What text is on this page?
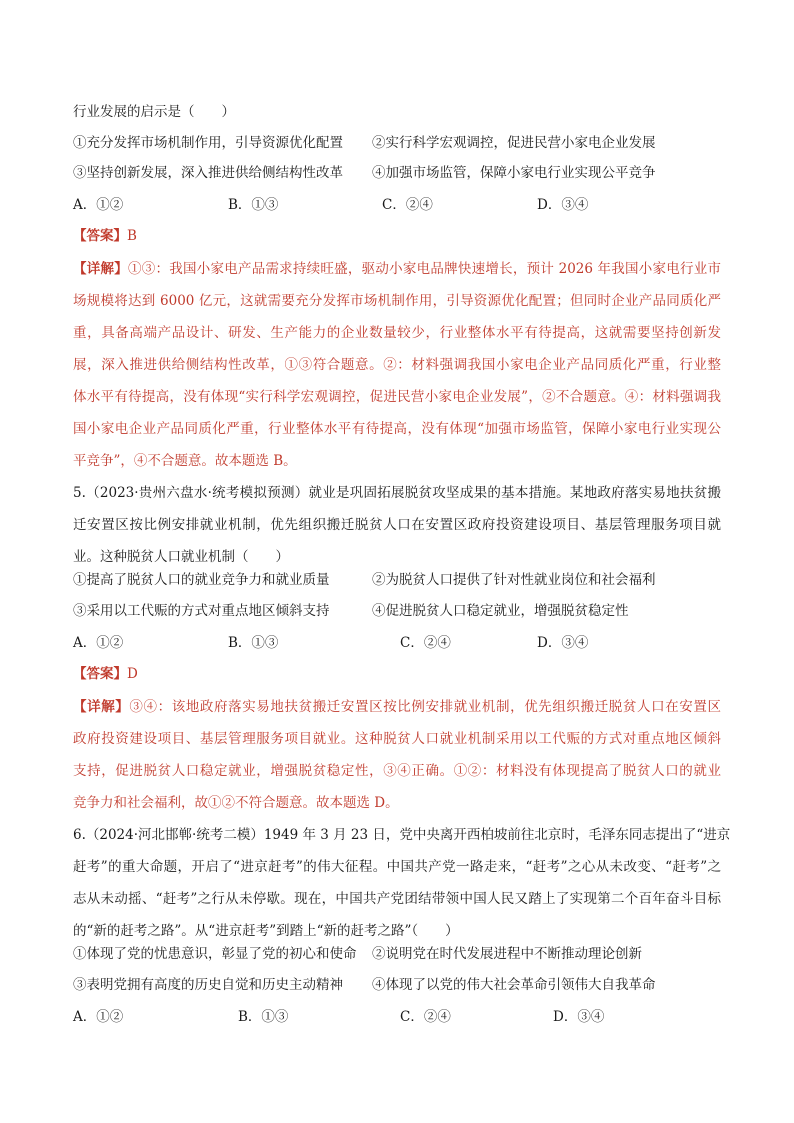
行业发展的启示是（　　）
①充分发挥市场机制作用，引导资源优化配置 ②实行科学宏观调控，促进民营小家电企业发展
③坚持创新发展，深入推进供给侧结构性改革 ④加强市场监管，保障小家电行业实现公平竞争
A．①②	B．①③	C．②④	D．③④
【答案】B
【详解】①③：我国小家电产品需求持续旺盛，驱动小家电品牌快速增长，预计 2026 年我国小家电行业市
场规模将达到 6000 亿元，这就需要充分发挥市场机制作用，引导资源优化配置；但同时企业产品同质化严
重，具备高端产品设计、研发、生产能力的企业数量较少，行业整体水平有待提高，这就需要坚持创新发
展，深入推进供给侧结构性改革，①③符合题意。②：材料强调我国小家电企业产品同质化严重，行业整
体水平有待提高，没有体现“实行科学宏观调控，促进民营小家电企业发展”，②不合题意。④：材料强调我
国小家电企业产品同质化严重，行业整体水平有待提高，没有体现“加强市场监管，保障小家电行业实现公
平竞争”，④不合题意。故本题选 B。
5.（2023·贵州六盘水·统考模拟预测）就业是巩固拓展脱贫攻坚成果的基本措施。某地政府落实易地扶贫搬
迁安置区按比例安排就业机制，优先组织搬迁脱贫人口在安置区政府投资建设项目、基层管理服务项目就
业。这种脱贫人口就业机制（　　）
①提高了脱贫人口的就业竞争力和就业质量	②为脱贫人口提供了针对性就业岗位和社会福利
③采用以工代赈的方式对重点地区倾斜支持	④促进脱贫人口稳定就业，增强脱贫稳定性
A．①②	B．①③	C．②④	D．③④
【答案】D
【详解】③④：该地政府落实易地扶贫搬迁安置区按比例安排就业机制，优先组织搬迁脱贫人口在安置区
政府投资建设项目、基层管理服务项目就业。这种脱贫人口就业机制采用以工代赈的方式对重点地区倾斜
支持，促进脱贫人口稳定就业，增强脱贫稳定性，③④正确。①②：材料没有体现提高了脱贫人口的就业
竞争力和社会福利，故①②不符合题意。故本题选 D。
6.（2024·河北邯郸·统考二模）1949 年 3 月 23 日，党中央离开西柏坡前往北京时，毛泽东同志提出了“进京
赶考”的重大命题，开启了“进京赶考”的伟大征程。中国共产党一路走来，“赶考”之心从未改变、“赶考”之
志从未动摇、“赶考”之行从未停歇。现在，中国共产党团结带领中国人民又踏上了实现第二个百年奋斗目标
的“新的赶考之路”。从“进京赶考”到踏上“新的赶考之路”（　　）
①体现了党的忧患意识，彰显了党的初心和使命 ②说明党在时代发展进程中不断推动理论创新
③表明党拥有高度的历史自觉和历史主动精神 ④体现了以党的伟大社会革命引领伟大自我革命
A．①②	B．①③	C．②④	D．③④
